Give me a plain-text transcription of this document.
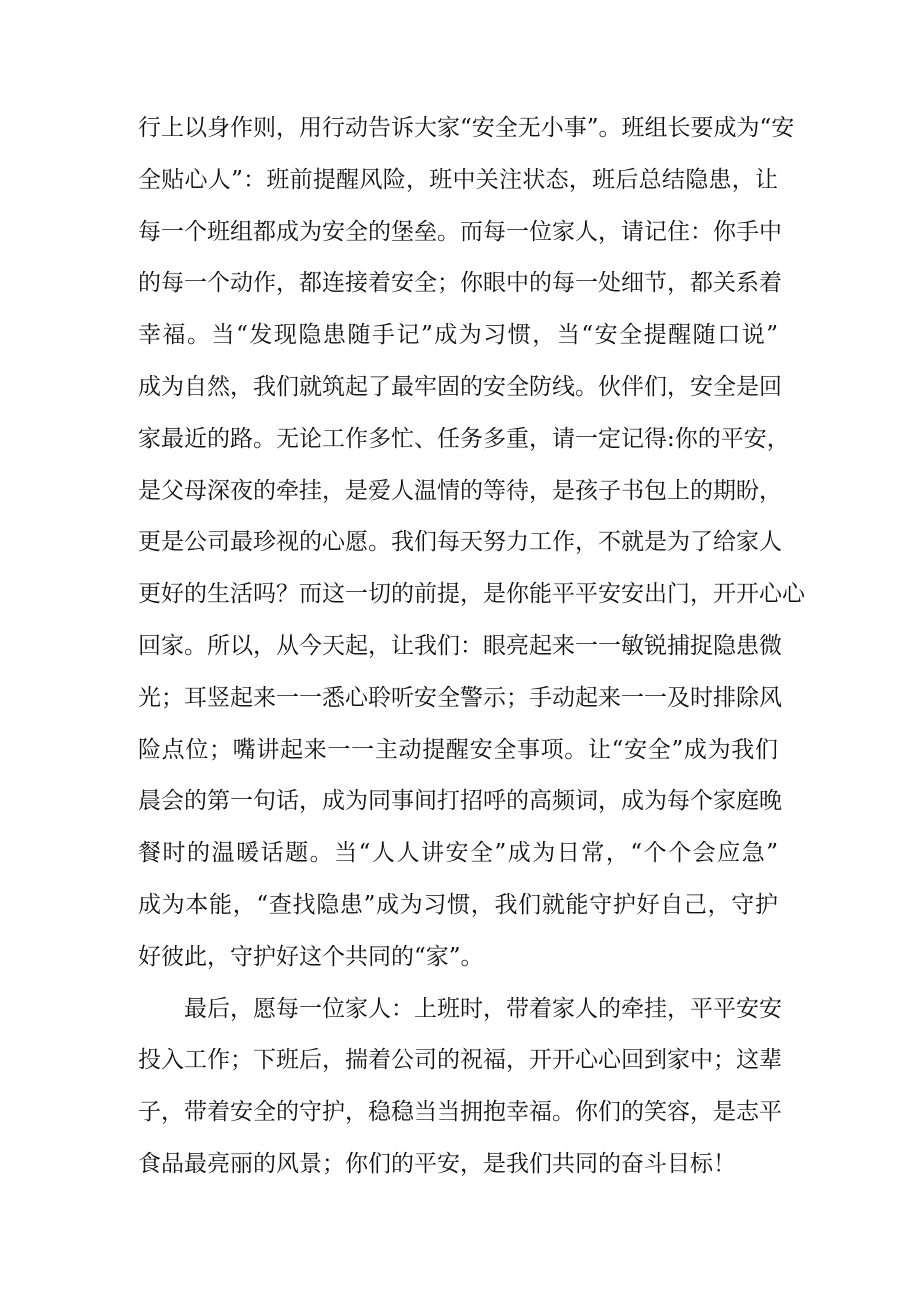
行上以身作则，用行动告诉大家“安全无小事”。班组长要成为“安
全贴心人”：班前提醒风险，班中关注状态，班后总结隐患，让
每一个班组都成为安全的堡垒。而每一位家人，请记住：你手中
的每一个动作，都连接着安全；你眼中的每一处细节，都关系着
幸福。当“发现隐患随手记”成为习惯，当“安全提醒随口说”
成为自然，我们就筑起了最牢固的安全防线。伙伴们，安全是回
家最近的路。无论工作多忙、任务多重，请一定记得:你的平安，
是父母深夜的牵挂，是爱人温情的等待，是孩子书包上的期盼，
更是公司最珍视的心愿。我们每天努力工作，不就是为了给家人
更好的生活吗？而这一切的前提，是你能平平安安出门，开开心心
回家。所以，从今天起，让我们：眼亮起来一一敏锐捕捉隐患微
光；耳竖起来一一悉心聆听安全警示；手动起来一一及时排除风
险点位；嘴讲起来一一主动提醒安全事项。让“安全”成为我们
晨会的第一句话，成为同事间打招呼的高频词，成为每个家庭晚
餐时的温暖话题。当“人人讲安全”成为日常，“个个会应急”
成为本能，“查找隐患”成为习惯，我们就能守护好自己，守护
好彼此，守护好这个共同的“家”。
　　最后，愿每一位家人：上班时，带着家人的牵挂，平平安安
投入工作；下班后，揣着公司的祝福，开开心心回到家中；这辈
子，带着安全的守护，稳稳当当拥抱幸福。你们的笑容，是志平
食品最亮丽的风景；你们的平安，是我们共同的奋斗目标！
